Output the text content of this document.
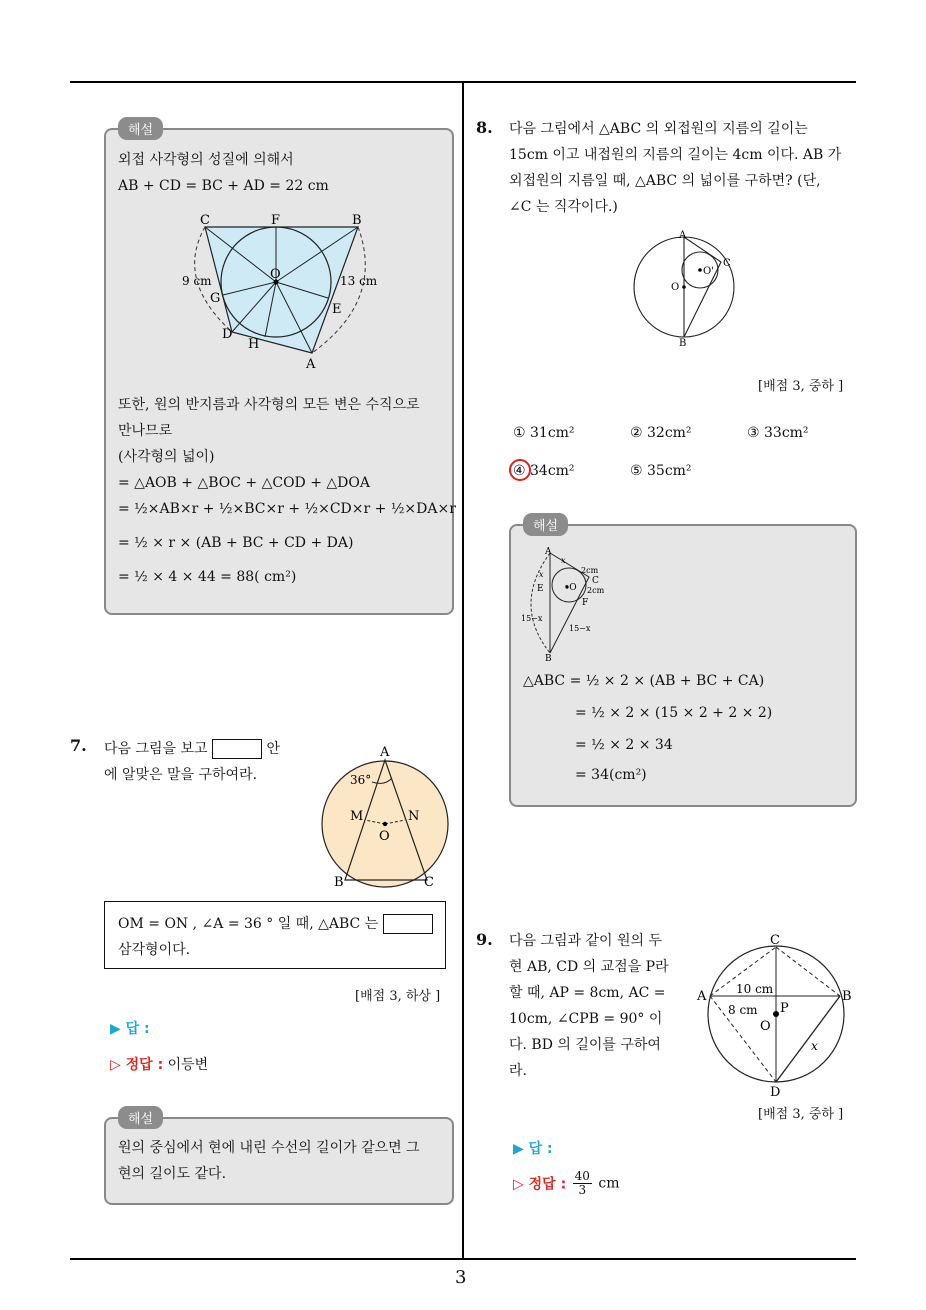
3
해설
외접 사각형의 성질에 의해서
AB + CD = BC + AD = 22 cm
C	F	B
O
9 cm	13 cm
G
E
D
H
A
또한, 원의 반지름과 사각형의 모든 변은 수직으로
만나므로
(사각형의 넓이)
= △AOB + △BOC + △COD + △DOA
= ½×AB×r + ½×BC×r + ½×CD×r + ½×DA×r
= ½ × r × (AB + BC + CD + DA)
= ½ × 4 × 44 = 88( cm²)
7. 다음 그림을 보고	안
에 알맞은 말을 구하여라.
A
36°
M	N
O
B	C
OM = ON , ∠A = 36 ° 일 때, △ABC 는
삼각형이다.
[배점 3, 하상 ]
▶ 답 :
▷ 정답 : 이등변
해설
원의 중심에서 현에 내린 수선의 길이가 같으면 그
현의 길이도 같다.
8. 다음 그림에서 △ABC 의 외접원의 지름의 길이는
15cm 이고 내접원의 지름의 길이는 4cm 이다. AB 가
외접원의 지름일 때, △ABC 의 넓이를 구하면? (단,
∠C 는 직각이다.)
A
O
O'
C
B
[배점 3, 중하 ]
① 31cm²	② 32cm²	③ 33cm²
④ 34cm²	⑤ 35cm²
해설
A
x
x
E •O
2cm
C
2cm
F
15−x
15−x
B
△ABC = ½ × 2 × (AB + BC + CA)
= ½ × 2 × (15 × 2 + 2 × 2)
= ½ × 2 × 34
= 34(cm²)
9. 다음 그림과 같이 원의 두
현 AB, CD 의 교점을 P라
할 때, AP = 8cm, AC =
10cm, ∠CPB = 90° 이
다. BD 의 길이를 구하여
라.
C
A 10 cm	B
8 cm P
O
x
D
[배점 3, 중하 ]
▶ 답 :
▷ 정답 : $\frac{40}{3}$ cm
